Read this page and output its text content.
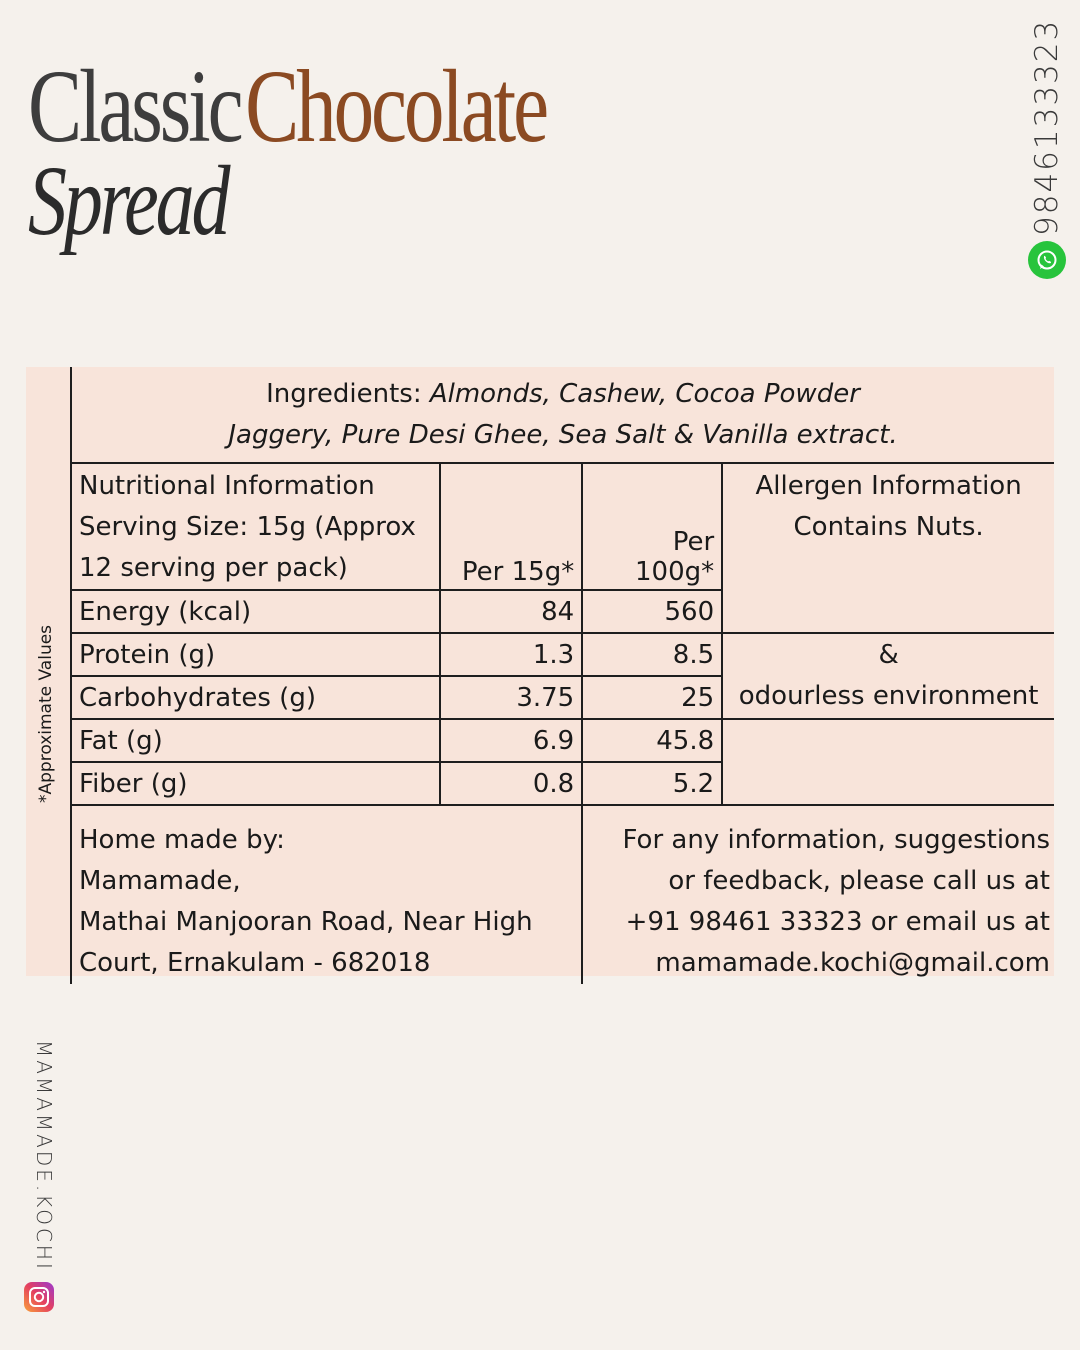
ClassicChocolate
Spread	9846133323
Ingredients: Almonds, Cashew, Cocoa Powder
Jaggery, Pure Desi Ghee, Sea Salt & Vanilla extract.			
Nutritional Information
Serving Size: 15g (Approx
12 serving per pack)	Per 15g*	Per 100g*	Allergen Information
Contains Nuts.
Energy (kcal)	84	560	
Protein (g)	1.3	8.5	&
odourless environment
Carbohydrates (g)	3.75	25	
Fat (g)	6.9	45.8	
Fiber (g)	0.8	5.2	
Home made by:
Mamamade,
Mathai Manjooran Road, Near High
Court, Ernakulam - 682018		For any information, suggestions
or feedback, please call us at
+91 98461 33323 or email us at
mamamade.kochi@gmail.com	
*Approximate Values
MAMAMADE.KOCHI
